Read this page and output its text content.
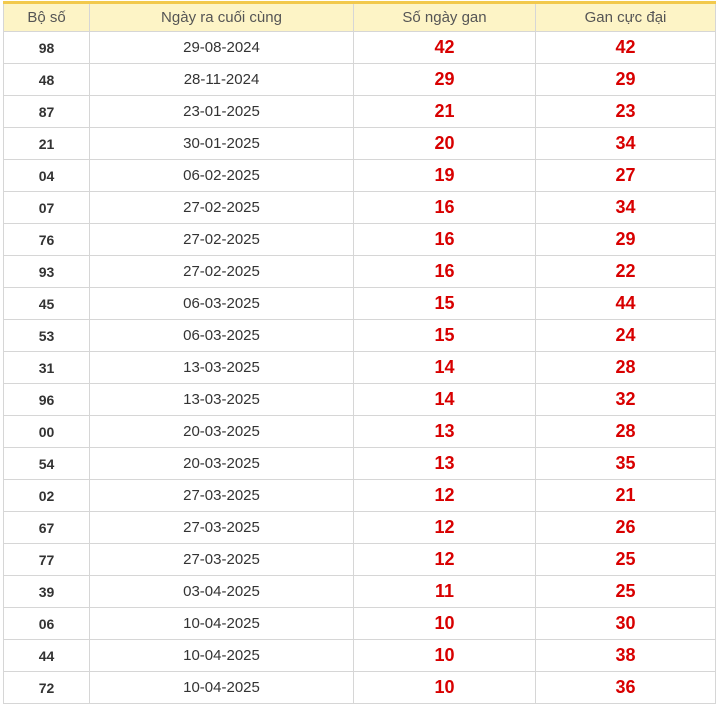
Bộ số	Ngày ra cuối cùng	Số ngày gan	Gan cực đại
98	29-08-2024	42	42
48	28-11-2024	29	29
87	23-01-2025	21	23
21	30-01-2025	20	34
04	06-02-2025	19	27
07	27-02-2025	16	34
76	27-02-2025	16	29
93	27-02-2025	16	22
45	06-03-2025	15	44
53	06-03-2025	15	24
31	13-03-2025	14	28
96	13-03-2025	14	32
00	20-03-2025	13	28
54	20-03-2025	13	35
02	27-03-2025	12	21
67	27-03-2025	12	26
77	27-03-2025	12	25
39	03-04-2025	11	25
06	10-04-2025	10	30
44	10-04-2025	10	38
72	10-04-2025	10	36
